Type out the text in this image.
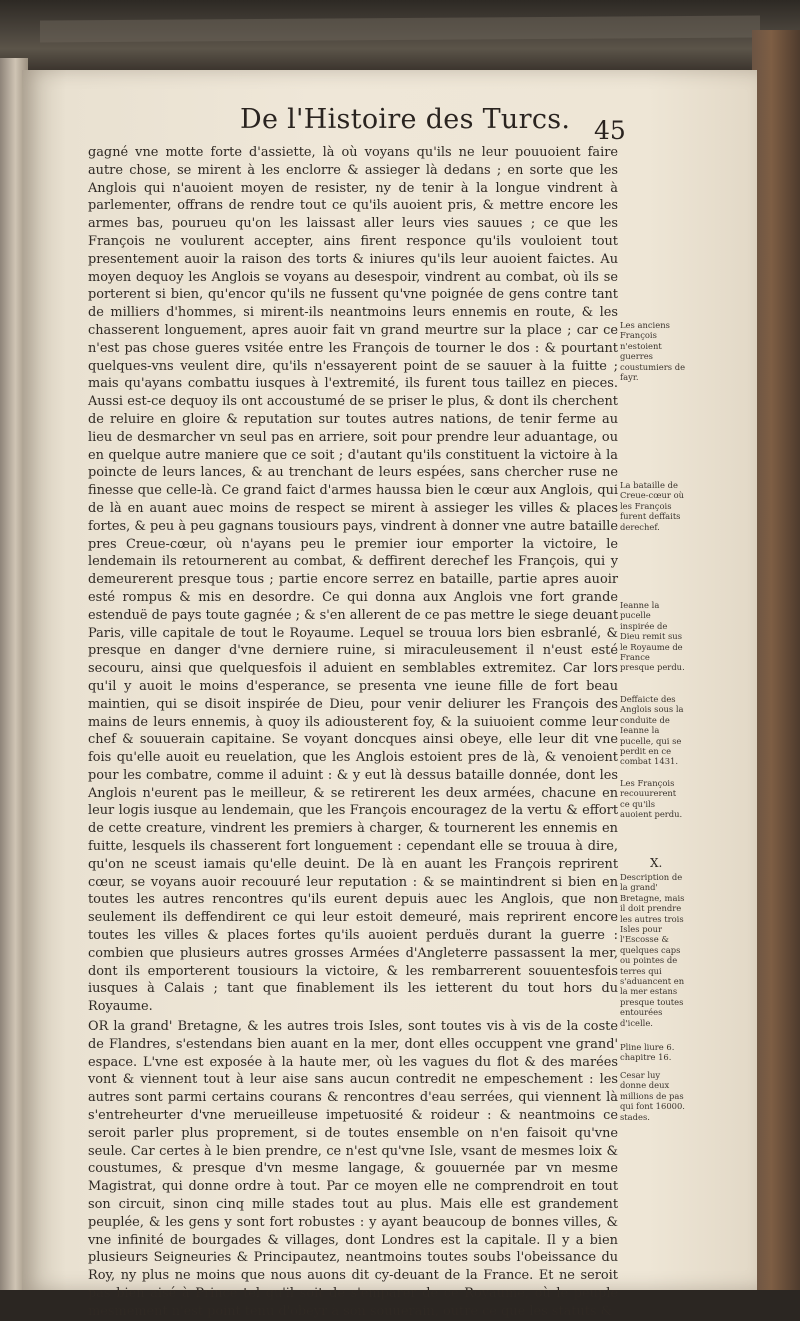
De l'Histoire des Turcs. 45

gagné vne motte forte d'assiette, là où voyans qu'ils ne leur pouuoient faire autre chose, se mirent à les enclorre & assieger là dedans ; en sorte que les Anglois qui n'auoient moyen de resister, ny de tenir à la longue vindrent à parlementer, offrans de rendre tout ce qu'ils auoient pris, & mettre encore les armes bas, pourueu qu'on les laissast aller leurs vies sauues ; ce que les François ne voulurent accepter, ains firent responce qu'ils vouloient tout presentement auoir la raison des torts & iniures qu'ils leur auoient faictes. Au moyen dequoy les Anglois se voyans au desespoir, vindrent au combat, où ils se porterent si bien, qu'encor qu'ils ne fussent qu'vne poignée de gens contre tant de milliers d'hommes, si mirent-ils neantmoins leurs ennemis en route, & les chasserent longuement, apres auoir fait vn grand meurtre sur la place ; car ce n'est pas chose gueres vsitée entre les François de tourner le dos : & pourtant quelques-vns veulent dire, qu'ils n'essayerent point de se sauuer à la fuitte ; mais qu'ayans combattu iusques à l'extremité, ils furent tous taillez en pieces. Aussi est-ce dequoy ils ont accoustumé de se priser le plus, & dont ils cherchent de reluire en gloire & reputation sur toutes autres nations, de tenir ferme au lieu de desmarcher vn seul pas en arriere, soit pour prendre leur aduantage, ou en quelque autre maniere que ce soit ; d'autant qu'ils constituent la victoire à la poincte de leurs lances, & au trenchant de leurs espées, sans chercher ruse ne finesse que celle-là. Ce grand faict d'armes haussa bien le cœur aux Anglois, qui de là en auant auec moins de respect se mirent à assieger les villes & places fortes, & peu à peu gagnans tousiours pays, vindrent à donner vne autre bataille pres Creue-cœur, où n'ayans peu le premier iour emporter la victoire, le lendemain ils retournerent au combat, & deffirent derechef les François, qui y demeurerent presque tous ; partie encore serrez en bataille, partie apres auoir esté rompus & mis en desordre. Ce qui donna aux Anglois vne fort grande estenduë de pays toute gagnée ; & s'en allerent de ce pas mettre le siege deuant Paris, ville capitale de tout le Royaume. Lequel se trouua lors bien esbranlé, & presque en danger d'vne derniere ruine, si miraculeusement il n'eust esté secouru, ainsi que quelquesfois il aduient en semblables extremitez. Car lors qu'il y auoit le moins d'esperance, se presenta vne ieune fille de fort beau maintien, qui se disoit inspirée de Dieu, pour venir deliurer les François des mains de leurs ennemis, à quoy ils adiousterent foy, & la suiuoient comme leur chef & souuerain capitaine. Se voyant doncques ainsi obeye, elle leur dit vne fois qu'elle auoit eu reuelation, que les Anglois estoient pres de là, & venoient pour les combatre, comme il aduint : & y eut là dessus bataille donnée, dont les Anglois n'eurent pas le meilleur, & se retirerent les deux armées, chacune en leur logis iusque au lendemain, que les François encouragez de la vertu & effort de cette creature, vindrent les premiers à charger, & tournerent les ennemis en fuitte, lesquels ils chasserent fort longuement : cependant elle se trouua à dire, qu'on ne sceust iamais qu'elle deuint. De là en auant les François reprirent cœur, se voyans auoir recouuré leur reputation : & se maintindrent si bien en toutes les autres rencontres qu'ils eurent depuis auec les Anglois, que non seulement ils deffendirent ce qui leur estoit demeuré, mais reprirent encore toutes les villes & places fortes qu'ils auoient perduës durant la guerre : combien que plusieurs autres grosses Armées d'Angleterre passassent la mer, dont ils emporterent tousiours la victoire, & les rembarrerent souuentesfois iusques à Calais ; tant que finablement ils les ietterent du tout hors du Royaume.

OR la grand' Bretagne, & les autres trois Isles, sont toutes vis à vis de la coste de Flandres, s'estendans bien auant en la mer, dont elles occuppent vne grand' espace. L'vne est exposée à la haute mer, où les vagues du flot & des marées vont & viennent tout à leur aise sans aucun contredit ne empeschement : les autres sont parmi certains courans & rencontres d'eau serrées, qui viennent là s'entreheurter d'vne merueilleuse impetuosité & roideur : & neantmoins ce seroit parler plus proprement, si de toutes ensemble on n'en faisoit qu'vne seule. Car certes à le bien prendre, ce n'est qu'vne Isle, vsant de mesmes loix & coustumes, & presque d'vn mesme langage, & gouuernée par vn mesme Magistrat, qui donne ordre à tout. Par ce moyen elle ne comprendroit en tout son circuit, sinon cinq mille stades tout au plus. Mais elle est grandement peuplée, & les gens y sont fort robustes : y ayant beaucoup de bonnes villes, & vne infinité de bourgades & villages, dont Londres est la capitale. Il y a bien plusieurs Seigneuries & Principautez, neantmoins toutes soubs l'obeissance du Roy, ny plus ne moins que nous auons dit cy-deuant de la France. Et ne seroit pas bien aisé à Prince tel qu'il soit de s'emparer de ce Royaume, où le peuple mesmement n'est point tenu d'obeyr à son souuerain, outre ce que les statuts &

X.
Les anciens François n'estoient guerres coustumiers de fayr.
La bataille de Creue-cœur où les François furent deffaits derechef.
Ieanne la pucelle inspirée de Dieu remit sus le Royaume de France presque perdu.
Deffaicte des Anglois sous la conduite de Ieanne la pucelle, qui se perdit en ce combat 1431.
Les François recouurerent ce qu'ils auoient perdu.
Description de la grand' Bretagne, mais il doit prendre les autres trois Isles pour l'Escosse & quelques caps ou pointes de terres qui s'aduancent en la mer estans presque toutes entourées d'icelle.
Pline liure 6. chapitre 16.
Cesar luy donne deux millions de pas qui font 16000. stades.
